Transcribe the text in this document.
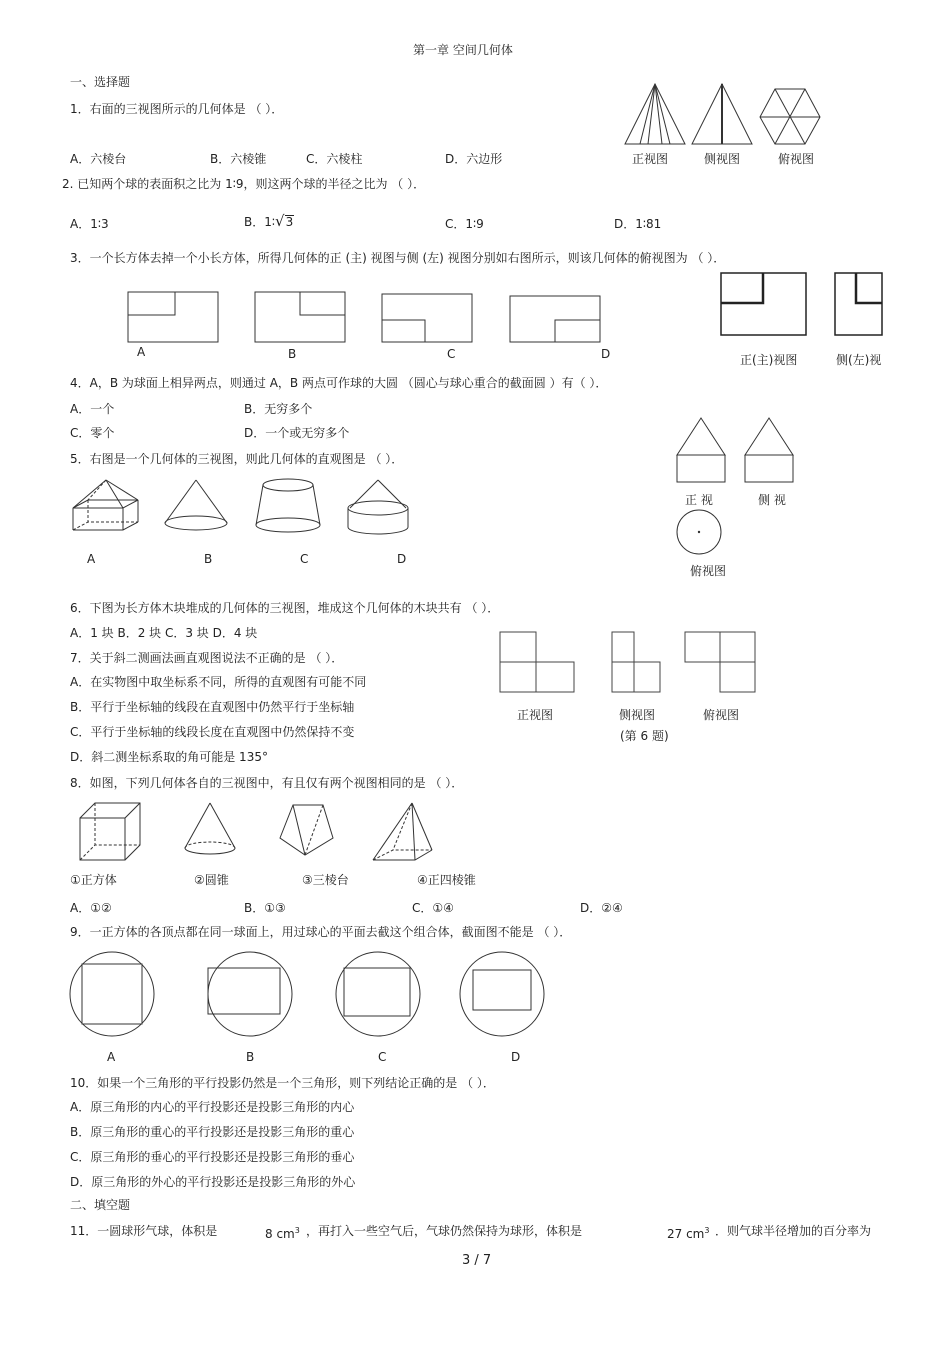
第一章 空间几何体
一、选择题
1．右面的三视图所示的几何体是 （ ）．
A．六棱台	B．六棱锥	C．六棱柱	D．六边形	正视图	侧视图	俯视图
2. 已知两个球的表面积之比为 1∶9，则这两个球的半径之比为 （ ）．
A．1∶3	B．1∶√3	C．1∶9	D．1∶81
3．一个长方体去掉一个小长方体，所得几何体的正 (主) 视图与侧 (左) 视图分别如右图所示，则该几何体的俯视图为 （ ）．
A	B	C	D	正(主)视图	侧(左)视
4．A，B 为球面上相异两点，则通过 A，B 两点可作球的大圆 （圆心与球心重合的截面圆 ）有（ ）．
A．一个	B．无穷多个
C．零个	D．一个或无穷多个
5．右图是一个几何体的三视图，则此几何体的直观图是 （ ）．
A	B	C	D
正 视	侧 视
俯视图
6．下图为长方体木块堆成的几何体的三视图，堆成这个几何体的木块共有 （ ）．
A．1 块 B．2 块 C．3 块 D．4 块
正视图	侧视图	俯视图
(第 6 题)
7．关于斜二测画法画直观图说法不正确的是 （ ）．
A．在实物图中取坐标系不同，所得的直观图有可能不同
B．平行于坐标轴的线段在直观图中仍然平行于坐标轴
C．平行于坐标轴的线段长度在直观图中仍然保持不变
D．斜二测坐标系取的角可能是 135°
8．如图，下列几何体各自的三视图中，有且仅有两个视图相同的是 （ ）．
①正方体	②圆锥	③三棱台	④正四棱锥
A．①②	B．①③	C．①④	D．②④
9．一正方体的各顶点都在同一球面上，用过球心的平面去截这个组合体，截面图不能是 （ ）．
A	B	C	D
10．如果一个三角形的平行投影仍然是一个三角形，则下列结论正确的是 （ ）．
A．原三角形的内心的平行投影还是投影三角形的内心
B．原三角形的重心的平行投影还是投影三角形的重心
C．原三角形的垂心的平行投影还是投影三角形的垂心
D．原三角形的外心的平行投影还是投影三角形的外心
二、填空题
11．一圆球形气球，体积是	8 $cm^3$ ，再打入一些空气后，气球仍然保持为球形，体积是	27 $cm^3$ ．则气球半径增加的百分率为
3 / 7
